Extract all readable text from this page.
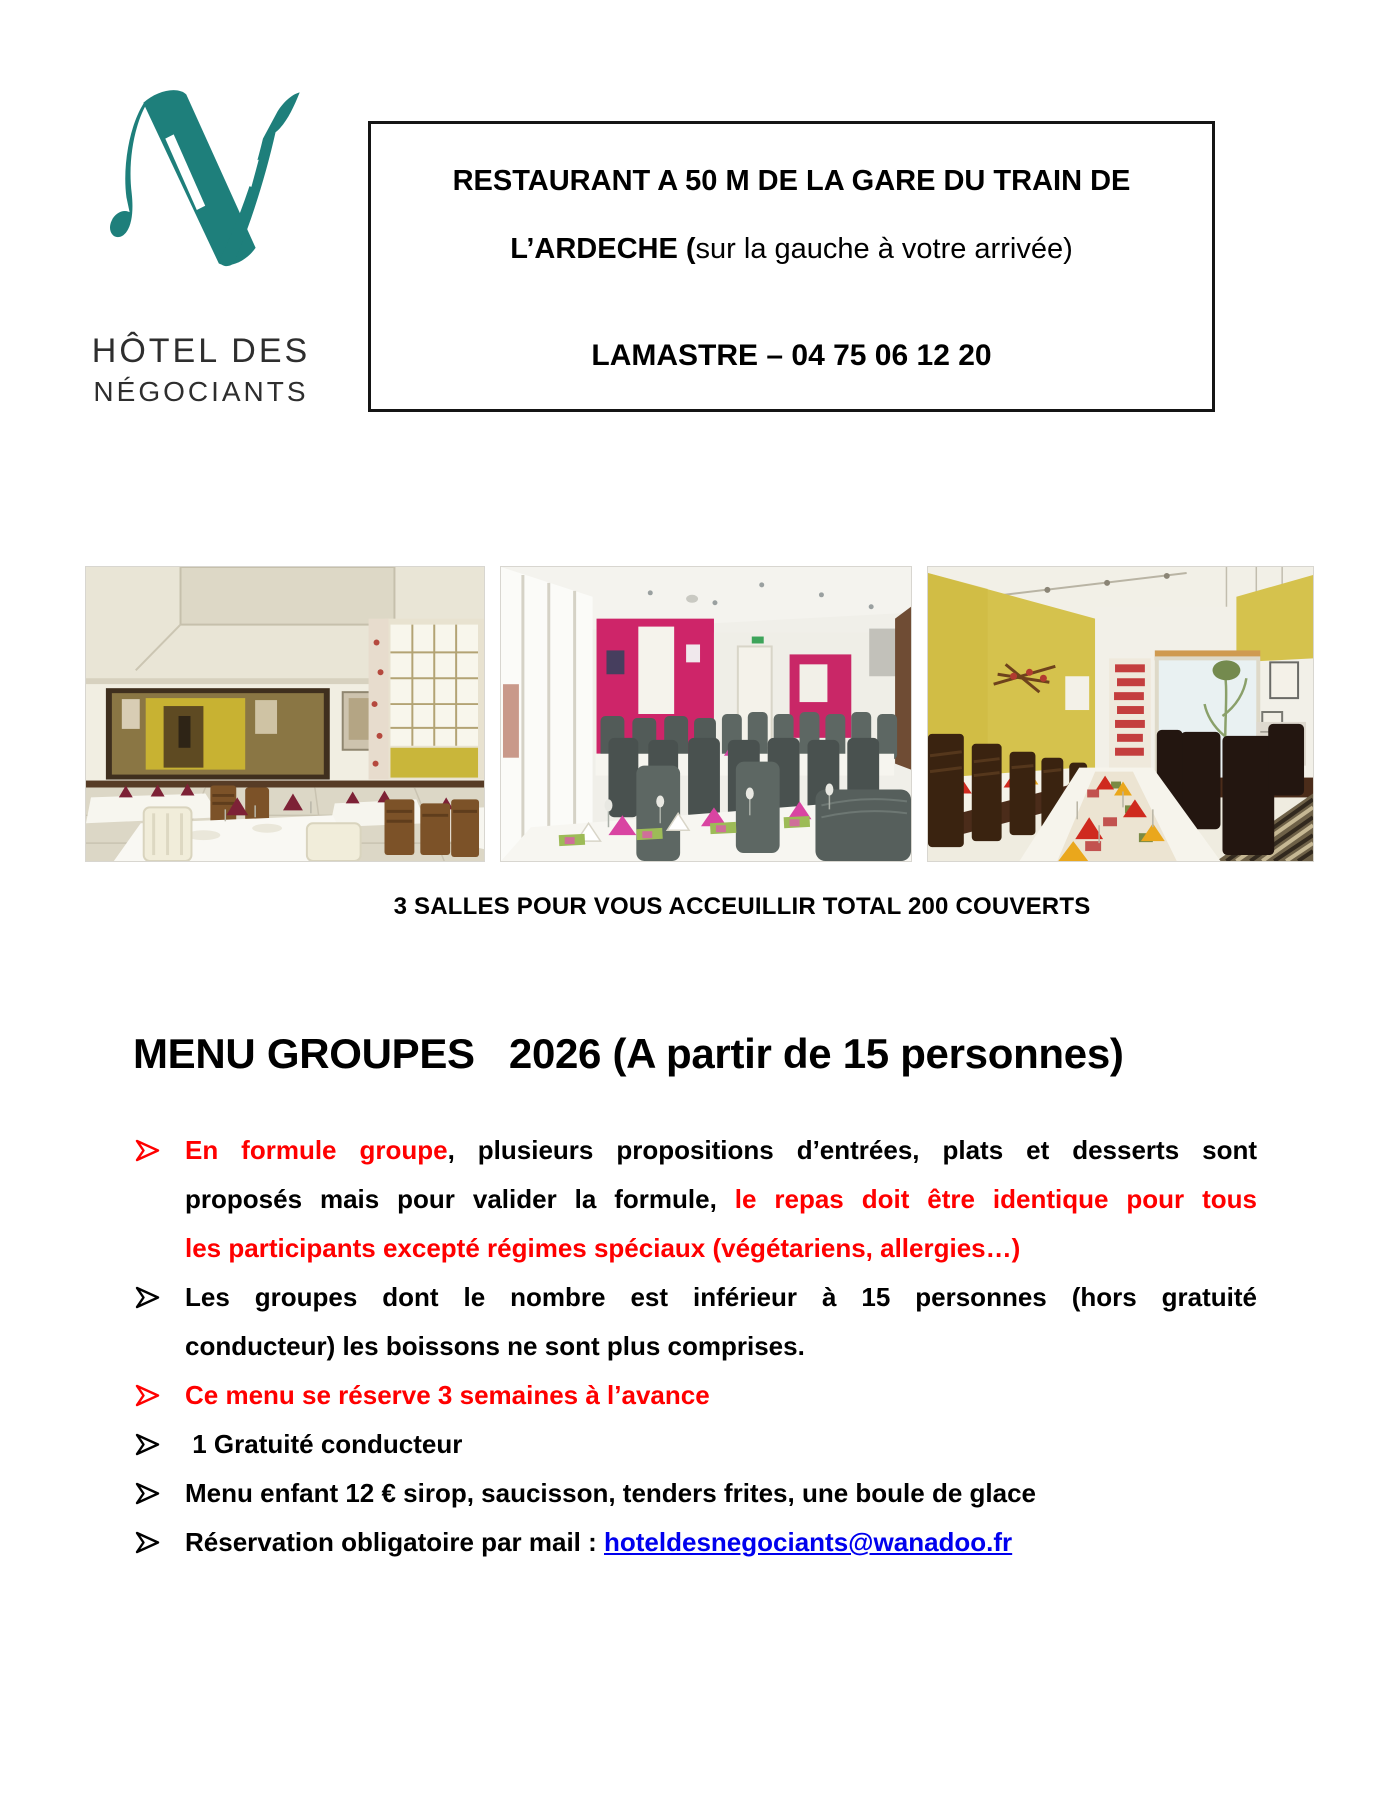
HÔTEL DES
NÉGOCIANTS
RESTAURANT A 50 M DE LA GARE DU TRAIN DE
L’ARDECHE (sur la gauche à votre arrivée)
LAMASTRE – 04 75 06 12 20
3 SALLES POUR VOUS ACCEUILLIR TOTAL 200 COUVERTS
MENU GROUPES   2026 (A partir de 15 personnes)
En formule groupe, plusieurs propositions d’entrées, plats et desserts sont
proposés mais pour valider la formule, le repas doit être identique pour tous
les participants excepté régimes spéciaux (végétariens, allergies…)
Les groupes dont le nombre est inférieur à 15 personnes (hors gratuité
conducteur) les boissons ne sont plus comprises.
Ce menu se réserve 3 semaines à l’avance
1 Gratuité conducteur
Menu enfant 12 € sirop, saucisson, tenders frites, une boule de glace
Réservation obligatoire par mail : hoteldesnegociants@wanadoo.fr
